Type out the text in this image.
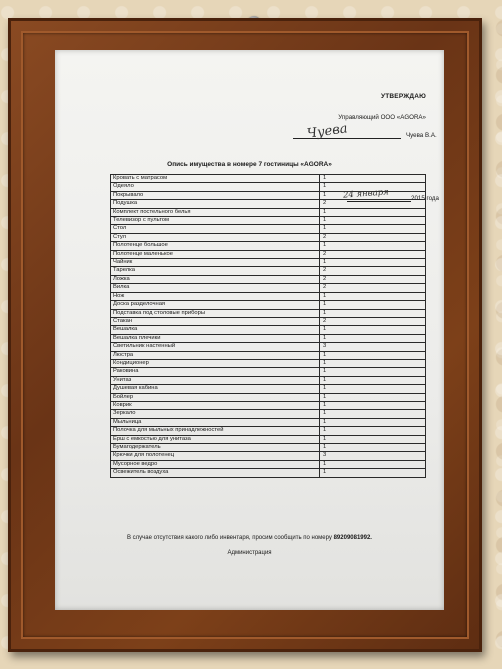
УТВЕРЖДАЮ
Управляющий ООО «AGORA»
Чуева	Чуева В.А.
24 января	2015 года
Опись имущества в номере 7 гостиницы «AGORA»
Кровать с матрасом	1
Одеяло	1
Покрывало	1
Подушка	2
Комплект постельного белья	1
Телевизор с пультом	1
Стол	1
Стул	2
Полотенце большое	1
Полотенце маленькое	2
Чайник	1
Тарелка	2
Ложка	2
Вилка	2
Нож	1
Доска разделочная	1
Подставка под столовые приборы	1
Стакан	2
Вешалка	1
Вешалка плечики	1
Светильник настенный	3
Люстра	1
Кондиционер	1
Раковина	1
Унитаз	1
Душевая кабина	1
Бойлер	1
Коврик	1
Зеркало	1
Мыльница	1
Полочка для мыльных принадлежностей	1
Ерш с емкостью для унитаза	1
Бумагодержатель	1
Крючки для полотенец	3
Мусорное ведро	1
Освежитель воздуха	1
В случае отсутствия какого либо инвентаря, просим сообщить по номеру 89209081992.
Администрация
